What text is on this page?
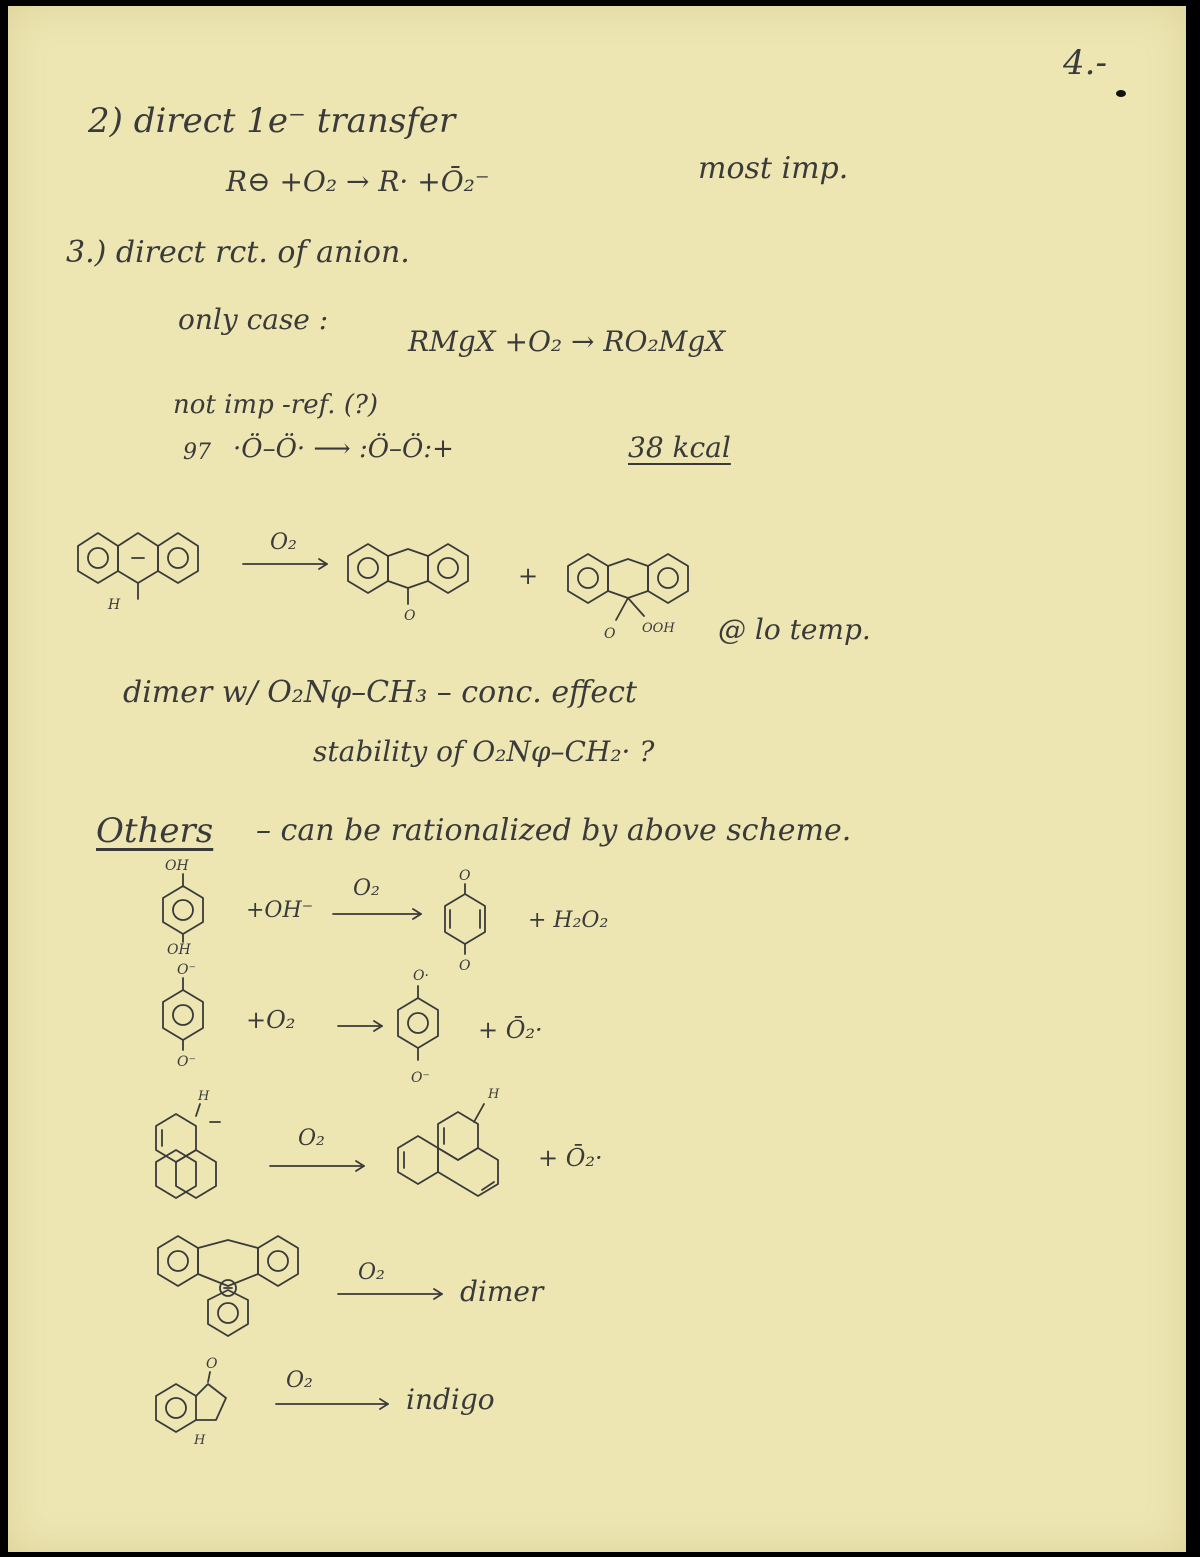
4.-
2) direct 1e⁻ transfer
R⊖ +O₂ → R· +Ō₂⁻	most imp.
3.) direct rct. of anion.
only case :
RMgX +O₂ → RO₂MgX
not imp -ref. (?)
97 ·Ö–Ö· ⟶ :Ö–Ö:+	38 kcal
H
O₂
O
+
O OOH @ lo temp.
dimer w/ O₂Nφ–CH₃ – conc. effect
stability of O₂Nφ–CH₂· ?
Others – can be rationalized by above scheme.
OH
OH
+OH⁻
O₂	O
O
+ H₂O₂
O⁻
O⁻
+O₂
O·
O⁻
+ Ō₂·
H
O₂
H
+ Ō₂·
O₂
dimer
O
H
O₂
indigo
